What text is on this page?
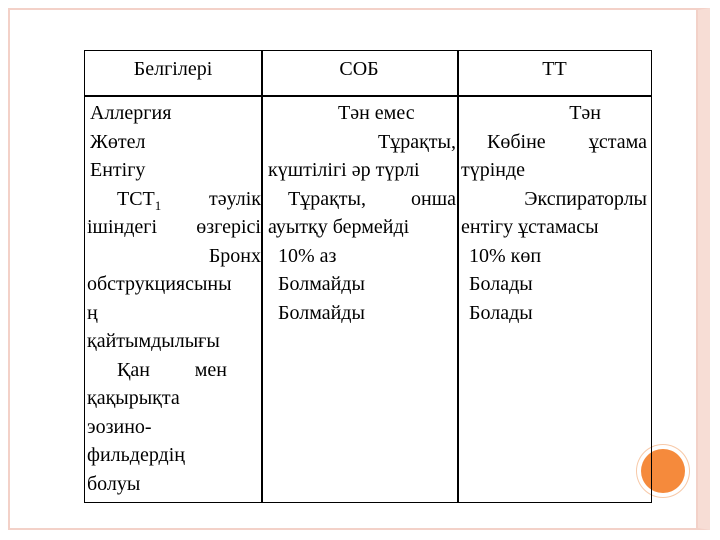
Белгілері	СОБ	ТТ
Аллергия
Жөтел
Ентігу
$ТСТ_1$ тәулік
ішіндегі өзгерісі
Бронх
обструкциясыны
ң
қайтымдылығы
Қан мен
қақырықта
эозино-
фильдердің
болуы
Тән емес
Тұрақты,
күштілігі әр түрлі
Тұрақты, онша
ауытқу бермейді
10% аз
Болмайды
Болмайды
Тән
Көбіне ұстама
түрінде
Экспираторлы
ентігу ұстамасы
10% көп
Болады
Болады
